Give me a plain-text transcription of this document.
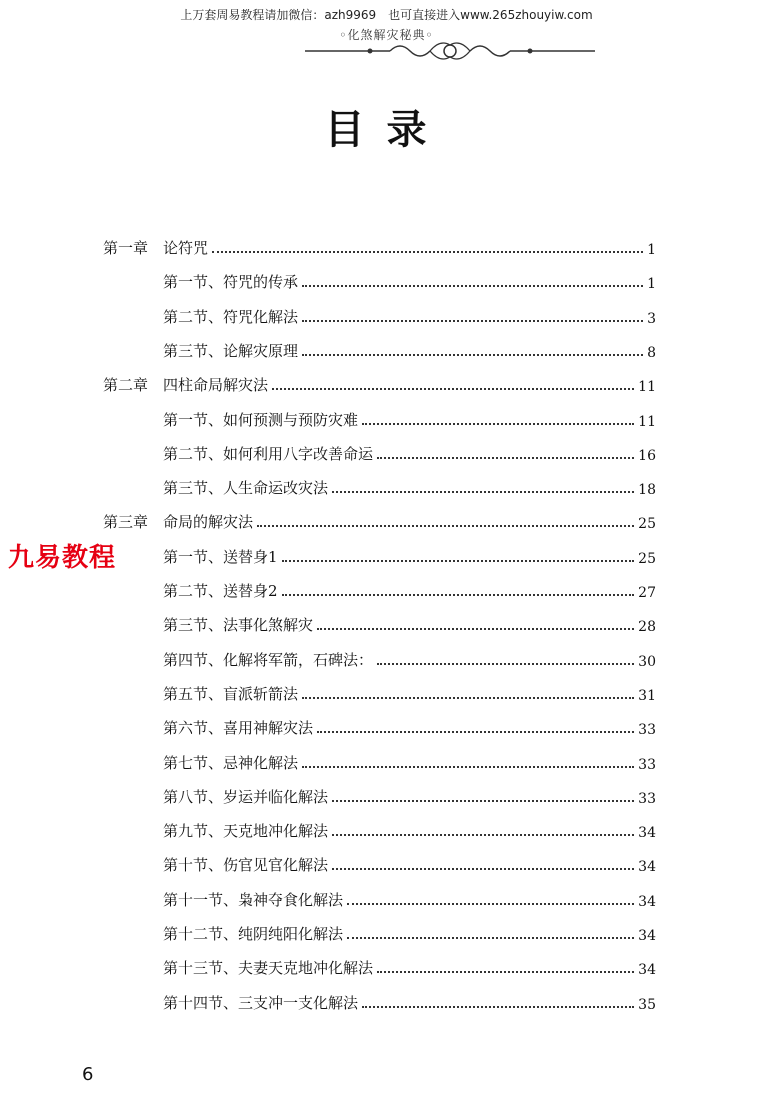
上万套周易教程请加微信：azh9969　也可直接进入www.265zhouyiw.com
◦化煞解灾秘典◦
目录
第一章　论符咒	1
第一节、符咒的传承	1
第二节、符咒化解法	3
第三节、论解灾原理	8
第二章　四柱命局解灾法	11
第一节、如何预测与预防灾难	11
第二节、如何利用八字改善命运	16
第三节、人生命运改灾法	18
第三章　命局的解灾法	25
第一节、送替身1	25
第二节、送替身2	27
第三节、法事化煞解灾	28
第四节、化解将军箭，石碑法：	30
第五节、盲派斩箭法	31
第六节、喜用神解灾法	33
第七节、忌神化解法	33
第八节、岁运并临化解法	33
第九节、天克地冲化解法	34
第十节、伤官见官化解法	34
第十一节、枭神夺食化解法	34
第十二节、纯阴纯阳化解法	34
第十三节、夫妻天克地冲化解法	34
第十四节、三支冲一支化解法	35
九易教程
6
